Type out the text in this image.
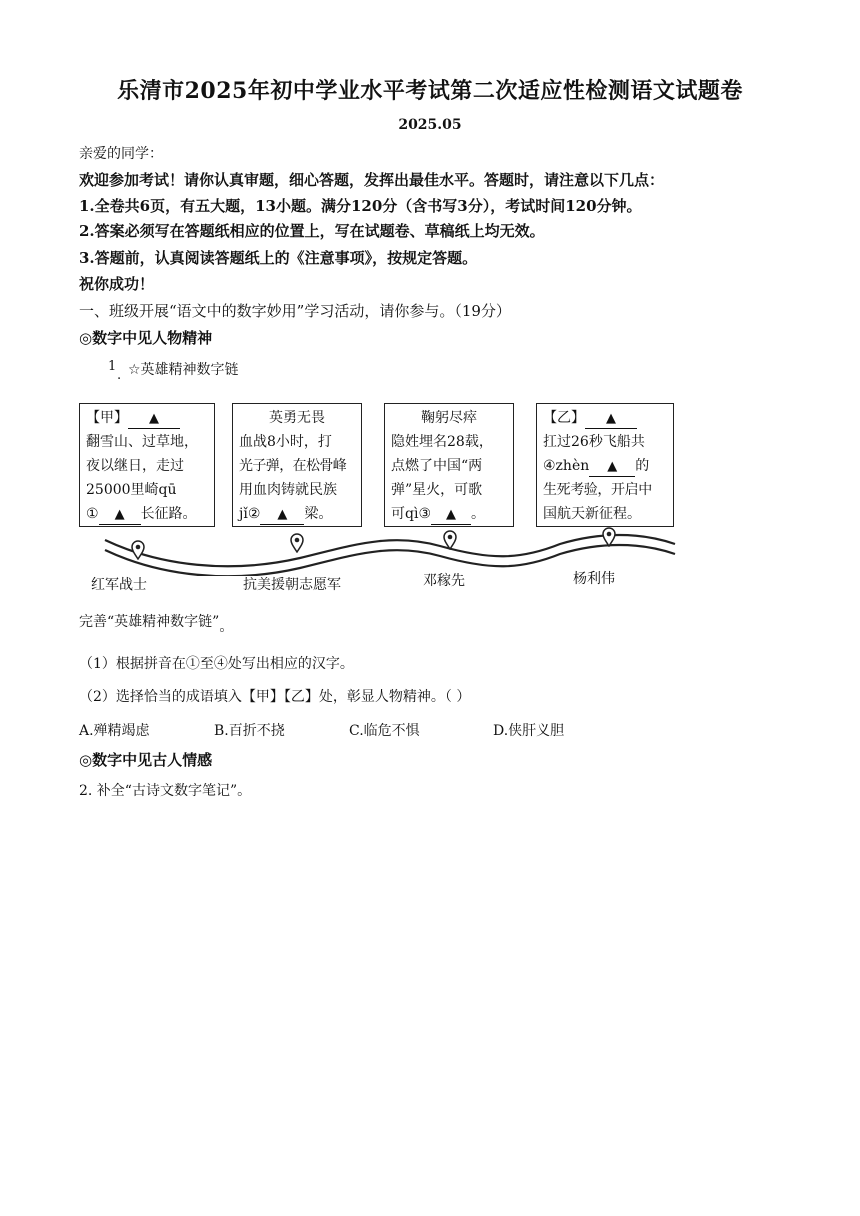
乐清市2025年初中学业水平考试第二次适应性检测语文试题卷
2025.05
亲爱的同学：
欢迎参加考试！请你认真审题，细心答题，发挥出最佳水平。答题时，请注意以下几点：
1.全卷共6页，有五大题，13小题。满分120分（含书写3分），考试时间120分钟。
2.答案必须写在答题纸相应的位置上，写在试题卷、草稿纸上均无效。
3.答题前，认真阅读答题纸上的《注意事项》，按规定答题。
祝你成功！
一、班级开展“语文中的数字妙用”学习活动，请你参与。（19分）
◎数字中见人物精神
1
. ☆英雄精神数字链
【甲】 ▲
翻雪山、过草地，
夜以继日，走过
25000里崎qū
① ▲ 长征路。
英勇无畏
血战8小时，打
光子弹，在松骨峰
用血肉铸就民族
jǐ② ▲ 梁。
鞠躬尽瘁
隐姓埋名28载，
点燃了中国“两
弹”星火，可歌
可qì③ ▲ 。
【乙】 ▲
扛过26秒飞船共
④zhèn ▲ 的
生死考验，开启中
国航天新征程。
红军战士	抗美援朝志愿军	邓稼先	杨利伟
完善“英雄精神数字链”。
（1）根据拼音在①至④处写出相应的汉字。
（2）选择恰当的成语填入【甲】【乙】处，彰显人物精神。（ ）
A.殚精竭虑	B.百折不挠	C.临危不惧	D.侠肝义胆
◎数字中见古人情感
2. 补全“古诗文数字笔记”。
